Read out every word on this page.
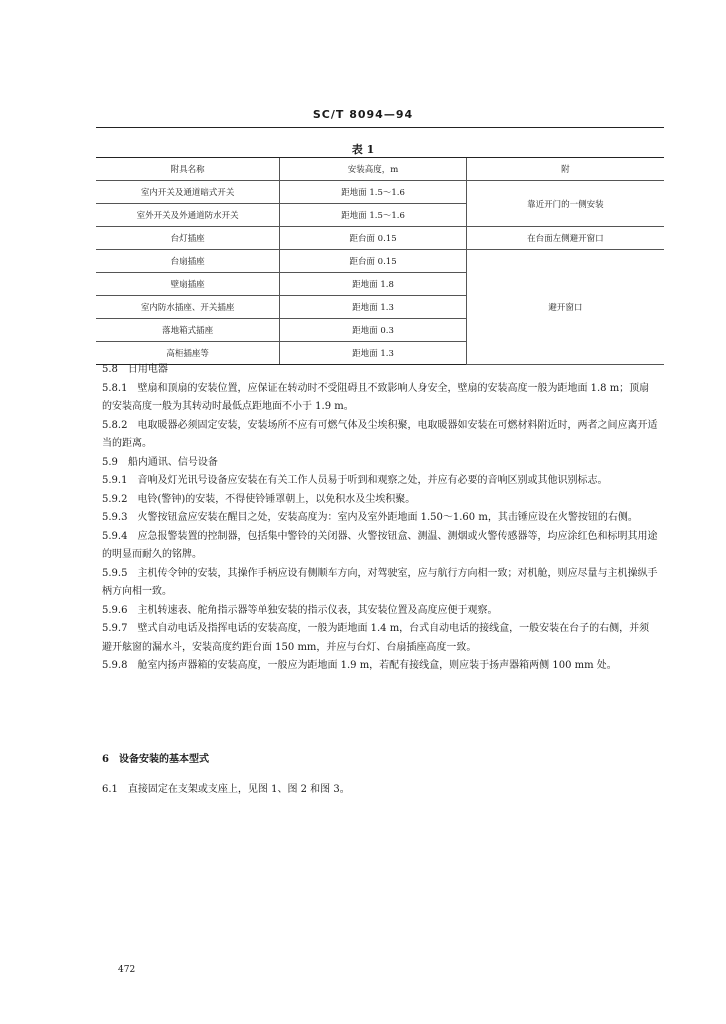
SC/T 8094—94
表 1
附具名称	安装高度，m	附
室内开关及通道暗式开关	距地面 1.5～1.6	靠近开门的一侧安装
室外开关及外通道防水开关	距地面 1.5～1.6	
台灯插座	距台面 0.15	在台面左侧避开窗口
台扇插座	距台面 0.15	避开窗口
壁扇插座	距地面 1.8	
室内防水插座、开关插座	距地面 1.3	
落地箱式插座	距地面 0.3	
高柜插座等	距地面 1.3	

5.8　日用电器

5.8.1　壁扇和顶扇的安装位置，应保证在转动时不受阻碍且不致影响人身安全，壁扇的安装高度一般为距地面 1.8 m；顶扇的安装高度一般为其转动时最低点距地面不小于 1.9 m。

5.8.2　电取暖器必须固定安装，安装场所不应有可燃气体及尘埃积聚，电取暖器如安装在可燃材料附近时，两者之间应离开适当的距离。

5.9　船内通讯、信号设备

5.9.1　音响及灯光讯号设备应安装在有关工作人员易于听到和观察之处，并应有必要的音响区别或其他识别标志。

5.9.2　电铃(警钟)的安装，不得使铃锤罩朝上，以免积水及尘埃积聚。

5.9.3　火警按钮盒应安装在醒目之处，安装高度为：室内及室外距地面 1.50～1.60 m，其击锤应设在火警按钮的右侧。

5.9.4　应急报警装置的控制器，包括集中警铃的关闭器、火警按钮盒、测温、测烟或火警传感器等，均应涂红色和标明其用途的明显而耐久的铭牌。

5.9.5　主机传令钟的安装，其操作手柄应设有侧顺车方向，对驾驶室，应与航行方向相一致；对机舱，则应尽量与主机操纵手柄方向相一致。

5.9.6　主机转速表、舵角指示器等单独安装的指示仪表，其安装位置及高度应便于观察。

5.9.7　壁式自动电话及指挥电话的安装高度，一般为距地面 1.4 m，台式自动电话的接线盒，一般安装在台子的右侧，并须避开舷窗的漏水斗，安装高度约距台面 150 mm，并应与台灯、台扇插座高度一致。

5.9.8　舱室内扬声器箱的安装高度，一般应为距地面 1.9 m，若配有接线盒，则应装于扬声器箱两侧 100 mm 处。

6　设备安装的基本型式
6.1　直接固定在支架或支座上，见图 1、图 2 和图 3。
472
